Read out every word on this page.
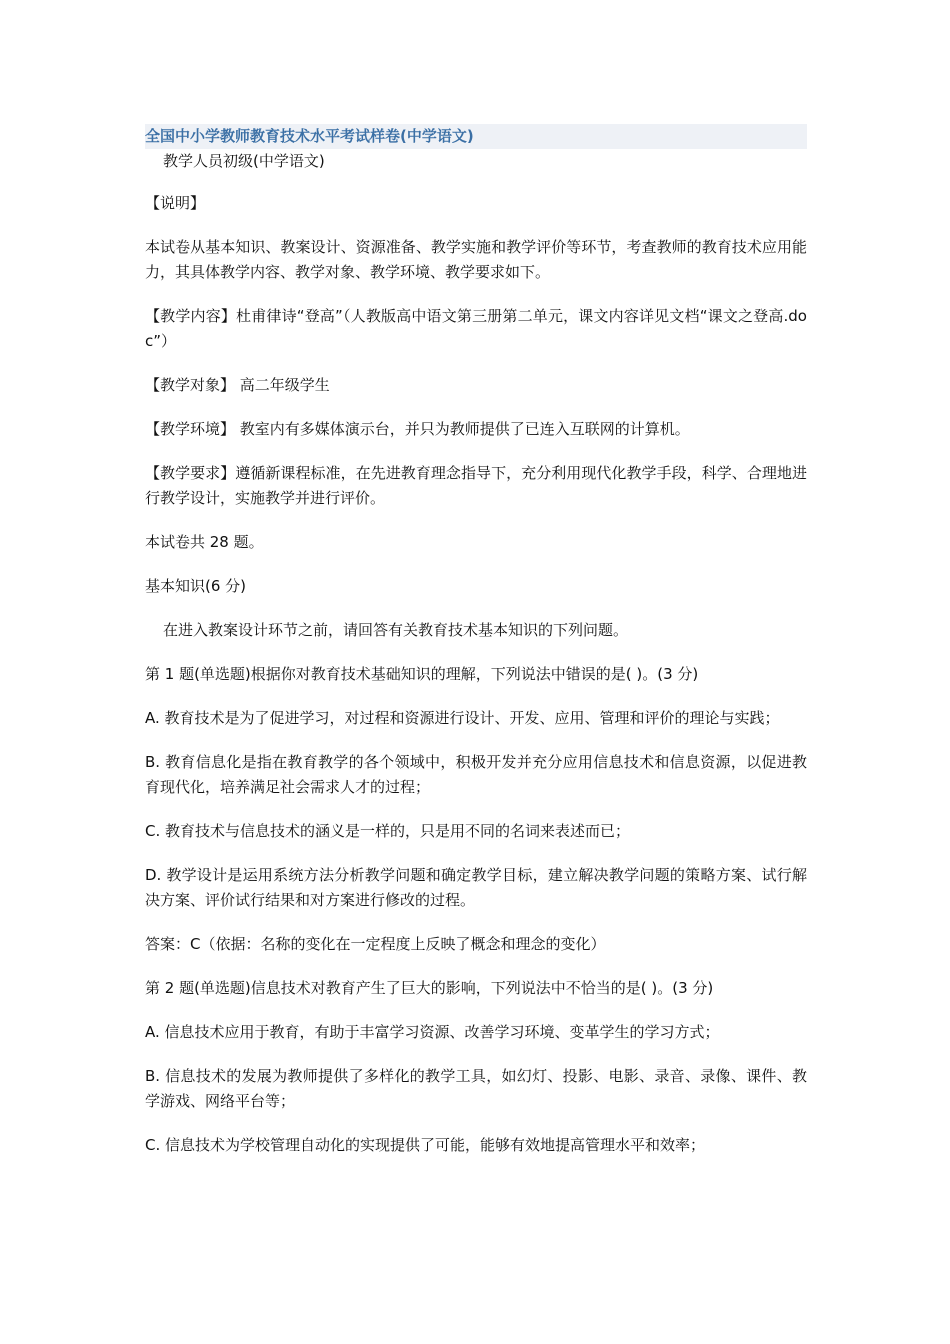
全国中小学教师教育技术水平考试样卷(中学语文)
教学人员初级(中学语文)
【说明】
本试卷从基本知识、教案设计、资源准备、教学实施和教学评价等环节，考查教师的教育技术应用能力，其具体教学内容、教学对象、教学环境、教学要求如下。
【教学内容】杜甫律诗“登高”（人教版高中语文第三册第二单元，课文内容详见文档“课文之登高.doc”）
【教学对象】 高二年级学生
【教学环境】 教室内有多媒体演示台，并只为教师提供了已连入互联网的计算机。
【教学要求】遵循新课程标准，在先进教育理念指导下，充分利用现代化教学手段，科学、合理地进行教学设计，实施教学并进行评价。
本试卷共 28 题。
基本知识(6 分)
在进入教案设计环节之前，请回答有关教育技术基本知识的下列问题。
第 1 题(单选题)根据你对教育技术基础知识的理解，下列说法中错误的是( )。(3 分)
A. 教育技术是为了促进学习，对过程和资源进行设计、开发、应用、管理和评价的理论与实践；
B. 教育信息化是指在教育教学的各个领域中，积极开发并充分应用信息技术和信息资源，以促进教育现代化，培养满足社会需求人才的过程；
C. 教育技术与信息技术的涵义是一样的，只是用不同的名词来表述而已；
D. 教学设计是运用系统方法分析教学问题和确定教学目标，建立解决教学问题的策略方案、试行解决方案、评价试行结果和对方案进行修改的过程。
答案：C（依据：名称的变化在一定程度上反映了概念和理念的变化）
第 2 题(单选题)信息技术对教育产生了巨大的影响，下列说法中不恰当的是( )。(3 分)
A. 信息技术应用于教育，有助于丰富学习资源、改善学习环境、变革学生的学习方式；
B. 信息技术的发展为教师提供了多样化的教学工具，如幻灯、投影、电影、录音、录像、课件、教学游戏、网络平台等；
C. 信息技术为学校管理自动化的实现提供了可能，能够有效地提高管理水平和效率；
